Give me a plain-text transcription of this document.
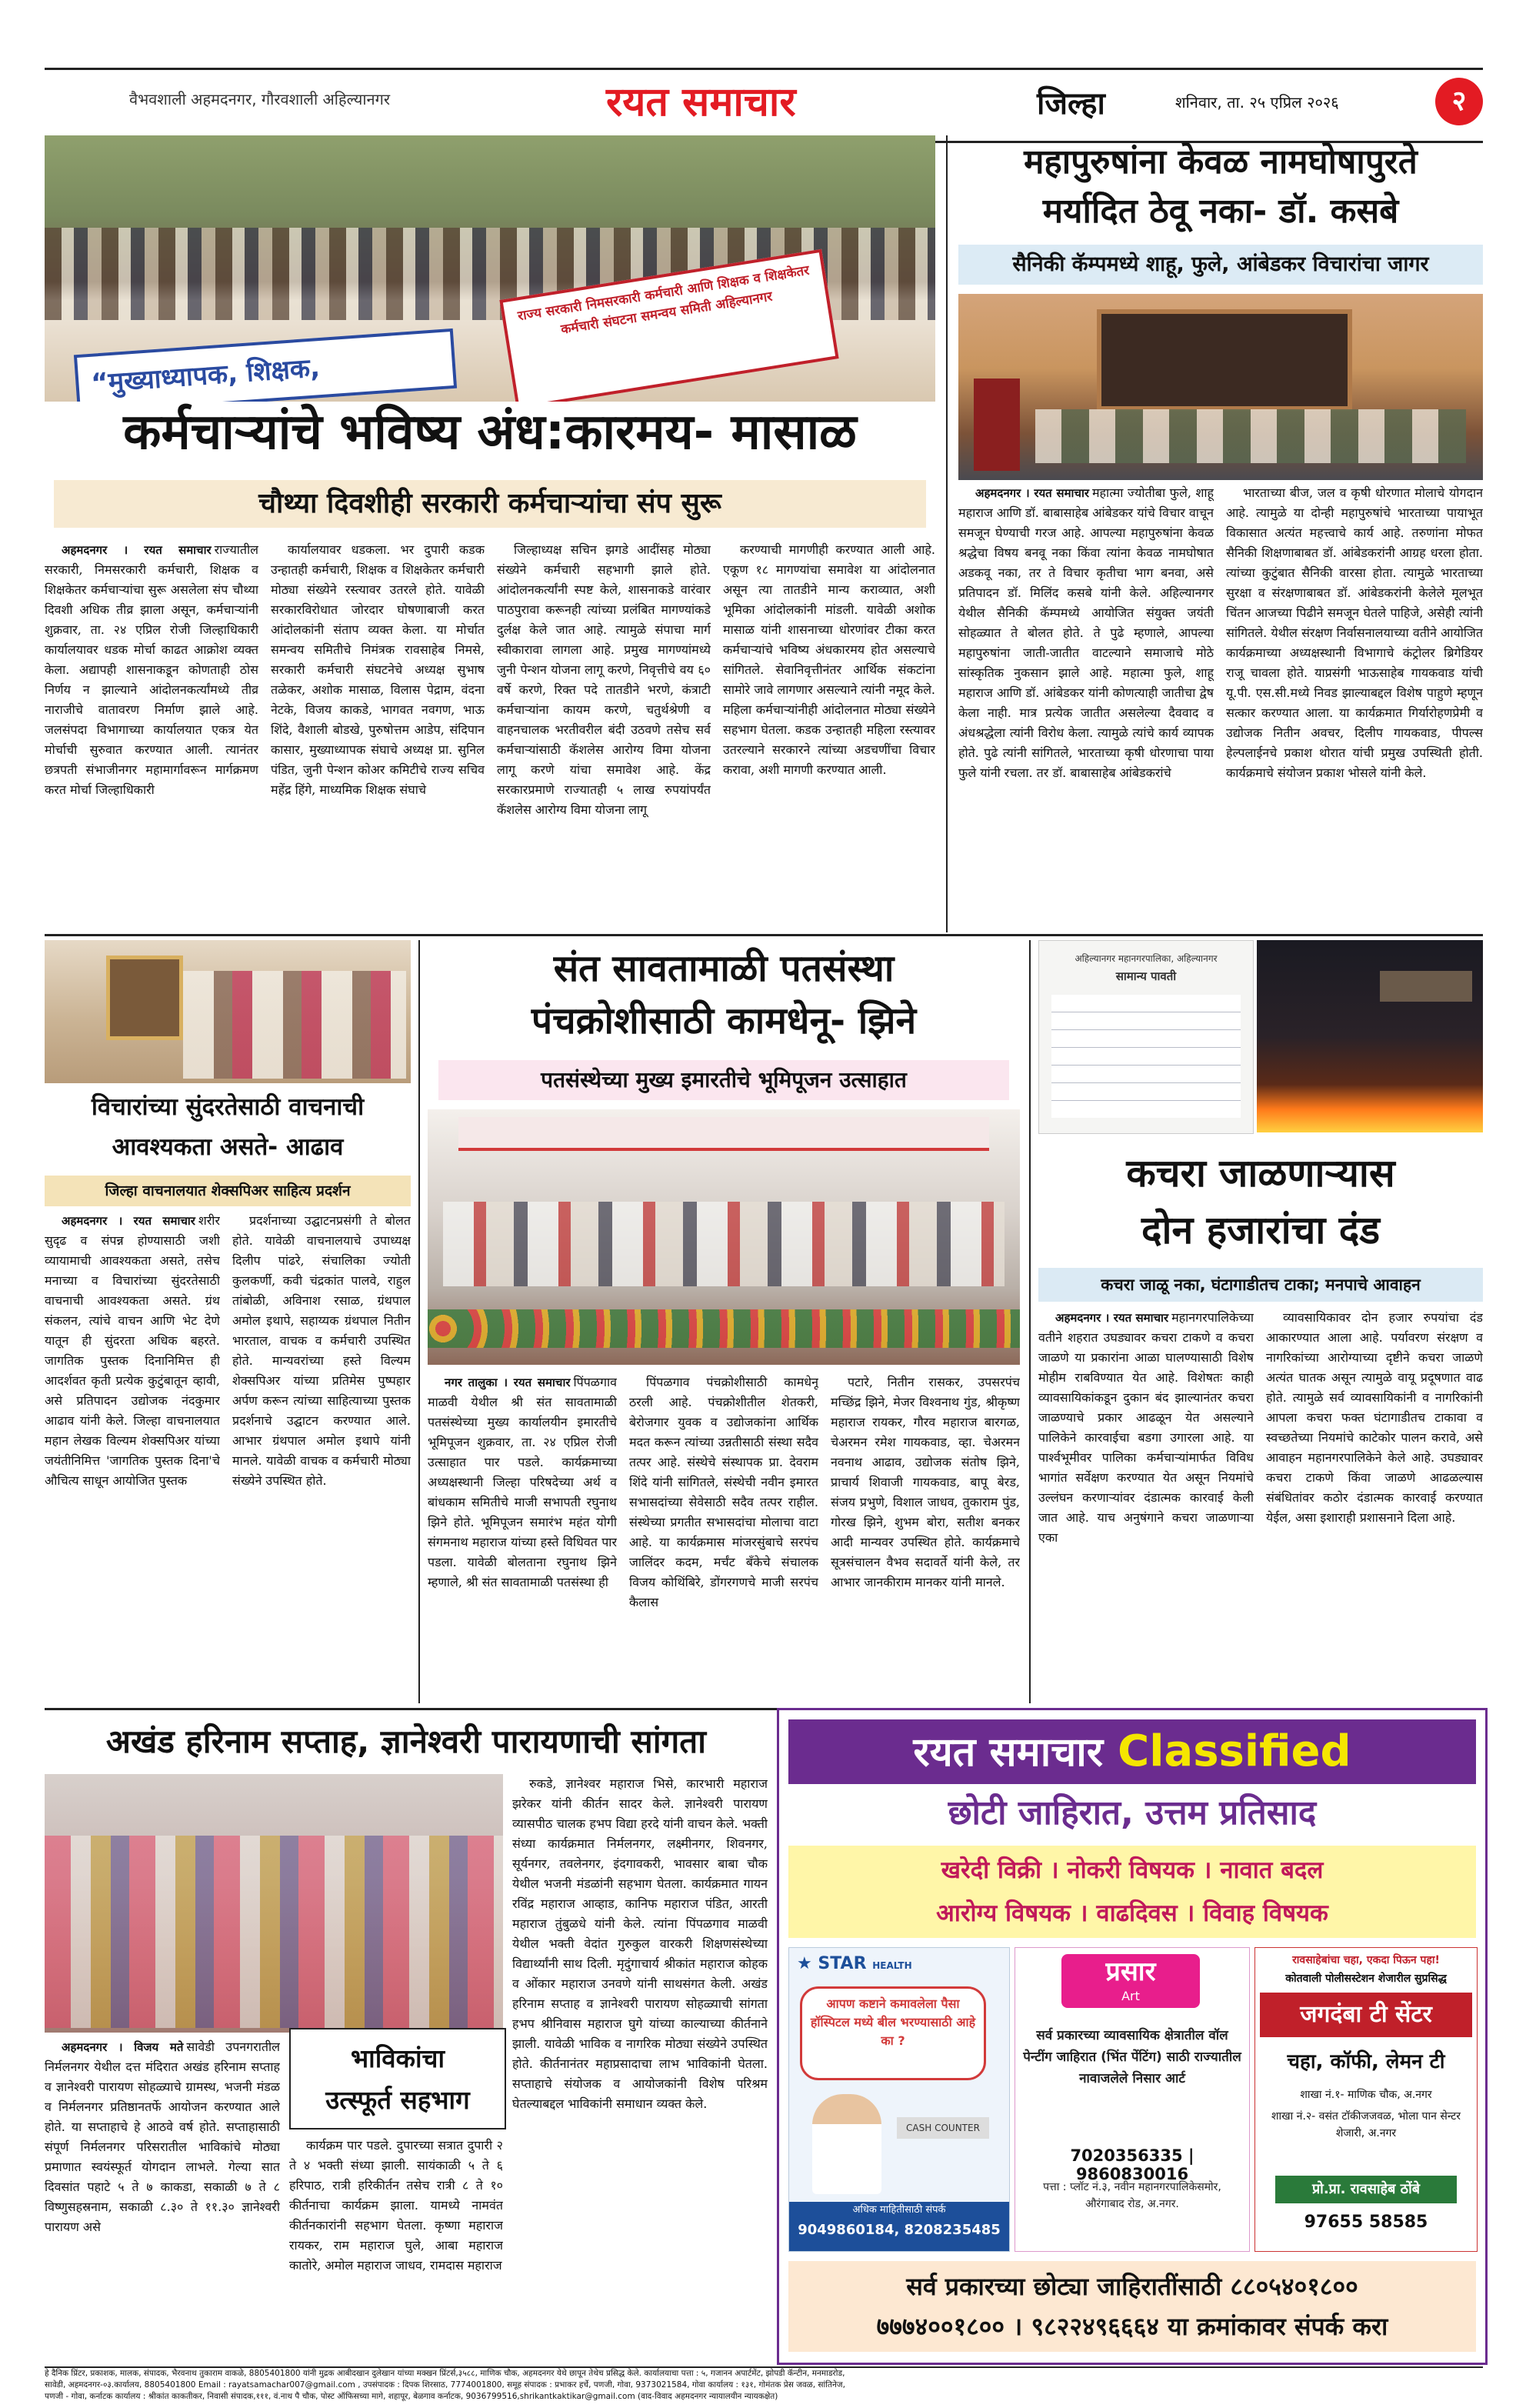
वैभवशाली अहमदनगर, गौरवशाली अहिल्यानगर	रयत समाचार	जिल्हा	शनिवार, ता. २५ एप्रिल २०२६	२
“मुख्याध्यापक, शिक्षक,
राज्य सरकारी निमसरकारी कर्मचारी आणि शिक्षक व शिक्षकेतर कर्मचारी संघटना समन्वय समिती अहिल्यानगर
कर्मचाऱ्यांचे भविष्य अंध:कारमय- मासाळ
चौथ्या दिवशीही सरकारी कर्मचाऱ्यांचा संप सुरू

अहमदनगर । रयत समाचार राज्यातील सरकारी, निमसरकारी कर्मचारी, शिक्षक व शिक्षकेतर कर्मचाऱ्यांचा सुरू असलेला संप चौथ्या दिवशी अधिक तीव्र झाला असून, कर्मचाऱ्यांनी शुक्रवार, ता. २४ एप्रिल रोजी जिल्हाधिकारी कार्यालयावर धडक मोर्चा काढत आक्रोश व्यक्त केला. अद्यापही शासनाकडून कोणताही ठोस निर्णय न झाल्याने आंदोलनकर्त्यांमध्ये तीव्र नाराजीचे वातावरण निर्माण झाले आहे. जलसंपदा विभागाच्या कार्यालयात एकत्र येत मोर्चाची सुरुवात करण्यात आली. त्यानंतर छत्रपती संभाजीनगर महामार्गावरून मार्गक्रमण करत मोर्चा जिल्हाधिकारी

कार्यालयावर धडकला. भर दुपारी कडक उन्हातही कर्मचारी, शिक्षक व शिक्षकेतर कर्मचारी मोठ्या संख्येने रस्त्यावर उतरले होते. यावेळी सरकारविरोधात जोरदार घोषणाबाजी करत आंदोलकांनी संताप व्यक्त केला. या मोर्चात समन्वय समितीचे निमंत्रक रावसाहेब निमसे, सरकारी कर्मचारी संघटनेचे अध्यक्ष सुभाष तळेकर, अशोक मासाळ, विलास पेद्राम, वंदना नेटके, विजय काकडे, भागवत नवगण, भाऊ शिंदे, वैशाली बोडखे, पुरुषोत्तम आडेप, संदिपान कासार, मुख्याध्यापक संघाचे अध्यक्ष प्रा. सुनिल पंडित, जुनी पेन्शन कोअर कमिटीचे राज्य सचिव महेंद्र हिंगे, माध्यमिक शिक्षक संघाचे

जिल्हाध्यक्ष सचिन झगडे आदींसह मोठ्या संख्येने कर्मचारी सहभागी झाले होते. आंदोलनकर्त्यांनी स्पष्ट केले, शासनाकडे वारंवार पाठपुरावा करूनही त्यांच्या प्रलंबित मागण्यांकडे दुर्लक्ष केले जात आहे. त्यामुळे संपाचा मार्ग स्वीकारावा लागला आहे. प्रमुख मागण्यांमध्ये जुनी पेन्शन योजना लागू करणे, निवृत्तीचे वय ६० वर्षे करणे, रिक्त पदे तातडीने भरणे, कंत्राटी कर्मचाऱ्यांना कायम करणे, चतुर्थश्रेणी व वाहनचालक भरतीवरील बंदी उठवणे तसेच सर्व कर्मचाऱ्यांसाठी कॅशलेस आरोग्य विमा योजना लागू करणे यांचा समावेश आहे. केंद्र सरकारप्रमाणे राज्यातही ५ लाख रुपयांपर्यंत कॅशलेस आरोग्य विमा योजना लागू

करण्याची मागणीही करण्यात आली आहे. एकूण १८ मागण्यांचा समावेश या आंदोलनात असून त्या तातडीने मान्य कराव्यात, अशी भूमिका आंदोलकांनी मांडली. यावेळी अशोक मासाळ यांनी शासनाच्या धोरणांवर टीका करत कर्मचाऱ्यांचे भविष्य अंधकारमय होत असल्याचे सांगितले. सेवानिवृत्तीनंतर आर्थिक संकटांना सामोरे जावे लागणार असल्याने त्यांनी नमूद केले. महिला कर्मचाऱ्यांनीही आंदोलनात मोठ्या संख्येने सहभाग घेतला. कडक उन्हातही महिला रस्त्यावर उतरल्याने सरकारने त्यांच्या अडचणींचा विचार करावा, अशी मागणी करण्यात आली.

महापुरुषांना केवळ नामघोषापुरते
मर्यादित ठेवू नका- डॉ. कसबे
सैनिकी कॅम्पमध्ये शाहू, फुले, आंबेडकर विचारांचा जागर

अहमदनगर । रयत समाचार महात्मा ज्योतीबा फुले, शाहू महाराज आणि डॉ. बाबासाहेब आंबेडकर यांचे विचार वाचून समजून घेण्याची गरज आहे. आपल्या महापुरुषांना केवळ श्रद्धेचा विषय बनवू नका किंवा त्यांना केवळ नामघोषात अडकवू नका, तर ते विचार कृतीचा भाग बनवा, असे प्रतिपादन डॉ. मिलिंद कसबे यांनी केले. अहिल्यानगर येथील सैनिकी कॅम्पमध्ये आयोजित संयुक्त जयंती सोहळ्यात ते बोलत होते. ते पुढे म्हणाले, आपल्या महापुरुषांना जाती-जातीत वाटल्याने समाजाचे मोठे सांस्कृतिक नुकसान झाले आहे. महात्मा फुले, शाहू महाराज आणि डॉ. आंबेडकर यांनी कोणत्याही जातीचा द्वेष केला नाही. मात्र प्रत्येक जातीत असलेल्या दैववाद व अंधश्रद्धेला त्यांनी विरोध केला. त्यामुळे त्यांचे कार्य व्यापक होते. पुढे त्यांनी सांगितले, भारताच्या कृषी धोरणाचा पाया फुले यांनी रचला. तर डॉ. बाबासाहेब आंबेडकरांचे

भारताच्या बीज, जल व कृषी धोरणात मोलाचे योगदान आहे. त्यामुळे या दोन्ही महापुरुषांचे भारताच्या पायाभूत विकासात अत्यंत महत्त्वाचे कार्य आहे. तरुणांना मोफत सैनिकी शिक्षणाबाबत डॉ. आंबेडकरांनी आग्रह धरला होता. त्यांच्या कुटुंबात सैनिकी वारसा होता. त्यामुळे भारताच्या सुरक्षा व संरक्षणाबाबत डॉ. आंबेडकरांनी केलेले मूलभूत चिंतन आजच्या पिढीने समजून घेतले पाहिजे, असेही त्यांनी सांगितले. येथील संरक्षण निर्वासनालयाच्या वतीने आयोजित कार्यक्रमाच्या अध्यक्षस्थानी विभागाचे कंट्रोलर ब्रिगेडियर राजू चावला होते. याप्रसंगी भाऊसाहेब गायकवाड यांची यू.पी. एस.सी.मध्ये निवड झाल्याबद्दल विशेष पाहुणे म्हणून सत्कार करण्यात आला. या कार्यक्रमात गिर्यारोहणप्रेमी व उद्योजक नितीन अवचर, दिलीप गायकवाड, पीपल्स हेल्पलाईनचे प्रकाश थोरात यांची प्रमुख उपस्थिती होती. कार्यक्रमाचे संयोजन प्रकाश भोसले यांनी केले.

विचारांच्या सुंदरतेसाठी वाचनाची
आवश्यकता असते- आढाव
जिल्हा वाचनालयात शेक्सपिअर साहित्य प्रदर्शन

अहमदनगर । रयत समाचार शरीर सुदृढ व संपन्न होण्यासाठी जशी व्यायामाची आवश्यकता असते, तसेच मनाच्या व विचारांच्या सुंदरतेसाठी वाचनाची आवश्यकता असते. ग्रंथ संकलन, त्यांचे वाचन आणि भेट देणे यातून ही सुंदरता अधिक बहरते. जागतिक पुस्तक दिनानिमित्त ही आदर्शवत कृती प्रत्येक कुटुंबातून व्हावी, असे प्रतिपादन उद्योजक नंदकुमार आढाव यांनी केले. जिल्हा वाचनालयात महान लेखक विल्यम शेक्सपिअर यांच्या जयंतीनिमित्त 'जागतिक पुस्तक दिना'चे औचित्य साधून आयोजित पुस्तक

प्रदर्शनाच्या उद्घाटनप्रसंगी ते बोलत होते. यावेळी वाचनालयाचे उपाध्यक्ष दिलीप पांढरे, संचालिका ज्योती कुलकर्णी, कवी चंद्रकांत पालवे, राहुल तांबोळी, अविनाश रसाळ, ग्रंथपाल अमोल इथापे, सहाय्यक ग्रंथपाल नितीन भारताल, वाचक व कर्मचारी उपस्थित होते. मान्यवरांच्या हस्ते विल्यम शेक्सपिअर यांच्या प्रतिमेस पुष्पहार अर्पण करून त्यांच्या साहित्याच्या पुस्तक प्रदर्शनाचे उद्घाटन करण्यात आले. आभार ग्रंथपाल अमोल इथापे यांनी मानले. यावेळी वाचक व कर्मचारी मोठ्या संख्येने उपस्थित होते.

संत सावतामाळी पतसंस्था
पंचक्रोशीसाठी कामधेनू- झिने
पतसंस्थेच्या मुख्य इमारतीचे भूमिपूजन उत्साहात

नगर तालुका । रयत समाचार पिंपळगाव माळवी येथील श्री संत सावतामाळी पतसंस्थेच्या मुख्य कार्यालयीन इमारतीचे भूमिपूजन शुक्रवार, ता. २४ एप्रिल रोजी उत्साहात पार पडले. कार्यक्रमाच्या अध्यक्षस्थानी जिल्हा परिषदेच्या अर्थ व बांधकाम समितीचे माजी सभापती रघुनाथ झिने होते. भूमिपूजन समारंभ महंत योगी संगमनाथ महाराज यांच्या हस्ते विधिवत पार पडला. यावेळी बोलताना रघुनाथ झिने म्हणाले, श्री संत सावतामाळी पतसंस्था ही

पिंपळगाव पंचक्रोशीसाठी कामधेनू ठरली आहे. पंचक्रोशीतील शेतकरी, बेरोजगार युवक व उद्योजकांना आर्थिक मदत करून त्यांच्या उन्नतीसाठी संस्था सदैव तत्पर आहे. संस्थेचे संस्थापक प्रा. देवराम शिंदे यांनी सांगितले, संस्थेची नवीन इमारत सभासदांच्या सेवेसाठी सदैव तत्पर राहील. संस्थेच्या प्रगतीत सभासदांचा मोलाचा वाटा आहे. या कार्यक्रमास मांजरसुंबाचे सरपंच जालिंदर कदम, मर्चंट बँकेचे संचालक विजय कोथिंबिरे, डोंगरगणचे माजी सरपंच कैलास

पटारे, नितीन रासकर, उपसरपंच मच्छिंद्र झिने, मेजर विश्वनाथ गुंड, श्रीकृष्ण महाराज रायकर, गौरव महाराज बारगळ, चेअरमन रमेश गायकवाड, व्हा. चेअरमन नवनाथ आढाव, उद्योजक संतोष झिने, प्राचार्य शिवाजी गायकवाड, बापू बेरड, संजय प्रभुणे, विशाल जाधव, तुकाराम पुंड, गोरख झिने, शुभम बोरा, सतीश बनकर आदी मान्यवर उपस्थित होते. कार्यक्रमाचे सूत्रसंचालन वैभव सदावर्ते यांनी केले, तर आभार जानकीराम मानकर यांनी मानले.

अहिल्यानगर महानगरपालिका, अहिल्यानगर
सामान्य पावती
कचरा जाळणाऱ्यास
दोन हजारांचा दंड
कचरा जाळू नका, घंटागाडीतच टाका; मनपाचे आवाहन

अहमदनगर । रयत समाचार महानगरपालिकेच्या वतीने शहरात उघड्यावर कचरा टाकणे व कचरा जाळणे या प्रकारांना आळा घालण्यासाठी विशेष मोहीम राबविण्यात येत आहे. विशेषतः काही व्यावसायिकांकडून दुकान बंद झाल्यानंतर कचरा जाळण्याचे प्रकार आढळून येत असल्याने पालिकेने कारवाईचा बडगा उगारला आहे. या पार्श्वभूमीवर पालिका कर्मचाऱ्यांमार्फत विविध भागांत सर्वेक्षण करण्यात येत असून नियमांचे उल्लंघन करणाऱ्यांवर दंडात्मक कारवाई केली जात आहे. याच अनुषंगाने कचरा जाळणाऱ्या एका

व्यावसायिकावर दोन हजार रुपयांचा दंड आकारण्यात आला आहे. पर्यावरण संरक्षण व नागरिकांच्या आरोग्याच्या दृष्टीने कचरा जाळणे अत्यंत घातक असून त्यामुळे वायू प्रदूषणात वाढ होते. त्यामुळे सर्व व्यावसायिकांनी व नागरिकांनी आपला कचरा फक्त घंटागाडीतच टाकावा व स्वच्छतेच्या नियमांचे काटेकोर पालन करावे, असे आवाहन महानगरपालिकेने केले आहे. उघड्यावर कचरा टाकणे किंवा जाळणे आढळल्यास संबंधितांवर कठोर दंडात्मक कारवाई करण्यात येईल, असा इशाराही प्रशासनाने दिला आहे.

अखंड हरिनाम सप्ताह, ज्ञानेश्वरी पारायणाची सांगता
भाविकांचा
उत्स्फूर्त सहभाग

अहमदनगर । विजय मते सावेडी उपनगरातील निर्मलनगर येथील दत्त मंदिरात अखंड हरिनाम सप्ताह व ज्ञानेश्वरी पारायण सोहळ्याचे ग्रामस्थ, भजनी मंडळ व निर्मलनगर प्रतिष्ठानतर्फे आयोजन करण्यात आले होते. या सप्ताहाचे हे आठवे वर्ष होते. सप्ताहासाठी संपूर्ण निर्मलनगर परिसरातील भाविकांचे मोठ्या प्रमाणात स्वयंस्फूर्त योगदान लाभले. गेल्या सात दिवसांत पहाटे ५ ते ७ काकडा, सकाळी ७ ते ८ विष्णुसहस्रनाम, सकाळी ८.३० ते ११.३० ज्ञानेश्वरी पारायण असे

रुकडे, ज्ञानेश्वर महाराज भिसे, कारभारी महाराज झरेकर यांनी कीर्तन सादर केले. ज्ञानेश्वरी पारायण व्यासपीठ चालक हभप विद्या हरदे यांनी वाचन केले. भक्ती संध्या कार्यक्रमात निर्मलनगर, लक्ष्मीनगर, शिवनगर, सूर्यनगर, तवलेनगर, इंदगावकरी, भावसार बाबा चौक येथील भजनी मंडळांनी सहभाग घेतला. कार्यक्रमात गायन रविंद्र महाराज आव्हाड, कानिफ महाराज पंडित, आरती महाराज तुंबुळधे यांनी केले. त्यांना पिंपळगाव माळवी येथील भक्ती वेदांत गुरुकुल वारकरी शिक्षणसंस्थेच्या विद्यार्थ्यांनी साथ दिली. मृदुंगाचार्य श्रीकांत महाराज कोहक व ओंकार महाराज उनवणे यांनी साथसंगत केली. अखंड हरिनाम सप्ताह व ज्ञानेश्वरी पारायण सोहळ्याची सांगता हभप श्रीनिवास महाराज घुगे यांच्या काल्याच्या कीर्तनाने झाली. यावेळी भाविक व नागरिक मोठ्या संख्येने उपस्थित होते. कीर्तनानंतर महाप्रसादाचा लाभ भाविकांनी घेतला. सप्ताहाचे संयोजक व आयोजकांनी विशेष परिश्रम घेतल्याबद्दल भाविकांनी समाधान व्यक्त केले.

कार्यक्रम पार पडले. दुपारच्या सत्रात दुपारी २ ते ४ भक्ती संध्या झाली. सायंकाळी ५ ते ६ हरिपाठ, रात्री हरिकीर्तन तसेच रात्री ८ ते १० कीर्तनाचा कार्यक्रम झाला. यामध्ये नामवंत कीर्तनकारांनी सहभाग घेतला. कृष्णा महाराज रायकर, राम महाराज घुले, आबा महाराज कातोरे, अमोल महाराज जाधव, रामदास महाराज

रयत समाचार Classified
छोटी जाहिरात, उत्तम प्रतिसाद
खरेदी विक्री । नोकरी विषयक । नावात बदल
आरोग्य विषयक । वाढदिवस । विवाह विषयक
★ STAR HEALTH
आपण कष्टाने कमावलेला पैसा हॉस्पिटल मध्ये बील भरण्यासाठी आहे का ?
CASH COUNTER
अधिक माहितीसाठी संपर्क
9049860184, 8208235485
प्रसार
Art
सर्व प्रकारच्या व्यावसायिक क्षेत्रातील वॉल पेन्टींग जाहिरात (भिंत पेंटिंग) साठी राज्यातील नावाजलेले निसार आर्ट
7020356335 | 9860830016
पत्ता : प्लॉट नं.३, नवीन महानगरपालिकेसमोर, औरंगाबाद रोड, अ.नगर.
रावसाहेबांचा चहा, एकदा पिऊन पहा!
कोतवाली पोलीसस्टेशन शेजारील सुप्रसिद्ध
जगदंबा टी सेंटर
चहा, कॉफी, लेमन टी
शाखा नं.१- माणिक चौक, अ.नगर
शाखा नं.२- वसंत टॉकीजजवळ, भोला पान सेन्टर शेजारी, अ.नगर
प्रो.प्रा. रावसाहेब ठोंबे
97655 58585
सर्व प्रकारच्या छोट्या जाहिरातींसाठी ८८०५४०१८००
७७७४००१८०० । ९८२२४९६६६४ या क्रमांकावर संपर्क करा
हे दैनिक प्रिंटर, प्रकाशक, मालक, संपादक, भैरवनाथ तुकाराम वाकळे, 8805401800 यांनी मुद्रक आबीदखान दुलेखान यांच्या मक्खन प्रिंटर्स,३५८८, माणिक चौक, अहमदनगर येथे छापून तेथेच प्रसिद्ध केले. कार्यालयाचा पत्ता : ५, गजानन अपार्टमेंट, झोपडी कॅन्टीन, मनमाडरोड,
सावेडी, अहमदनगर-०३.कार्यालय, 8805401800 Email : rayatsamachar007@gmail.com , उपसंपादक : दिपक शिरसाठ, 7774001800, समूह संपादक : प्रभाकर हर्चे, पणजी, गोवा, 9373021584, गोवा कार्यालय : १३१, गोमंतक प्रेस जवळ, सांतिनेज,
पणजी - गोवा, कर्नाटक कार्यालय : श्रीकांत काकतीकर, निवासी संपादक,१११, वं.नाथ पै चौक, पोस्ट ऑफिसच्या मागे, शहापूर, बेळगाव कर्नाटक, 9036799516,shrikantkaktikar@gmail.com (वाद-विवाद अहमदनगर न्यायालयीन न्यायकक्षेत)
